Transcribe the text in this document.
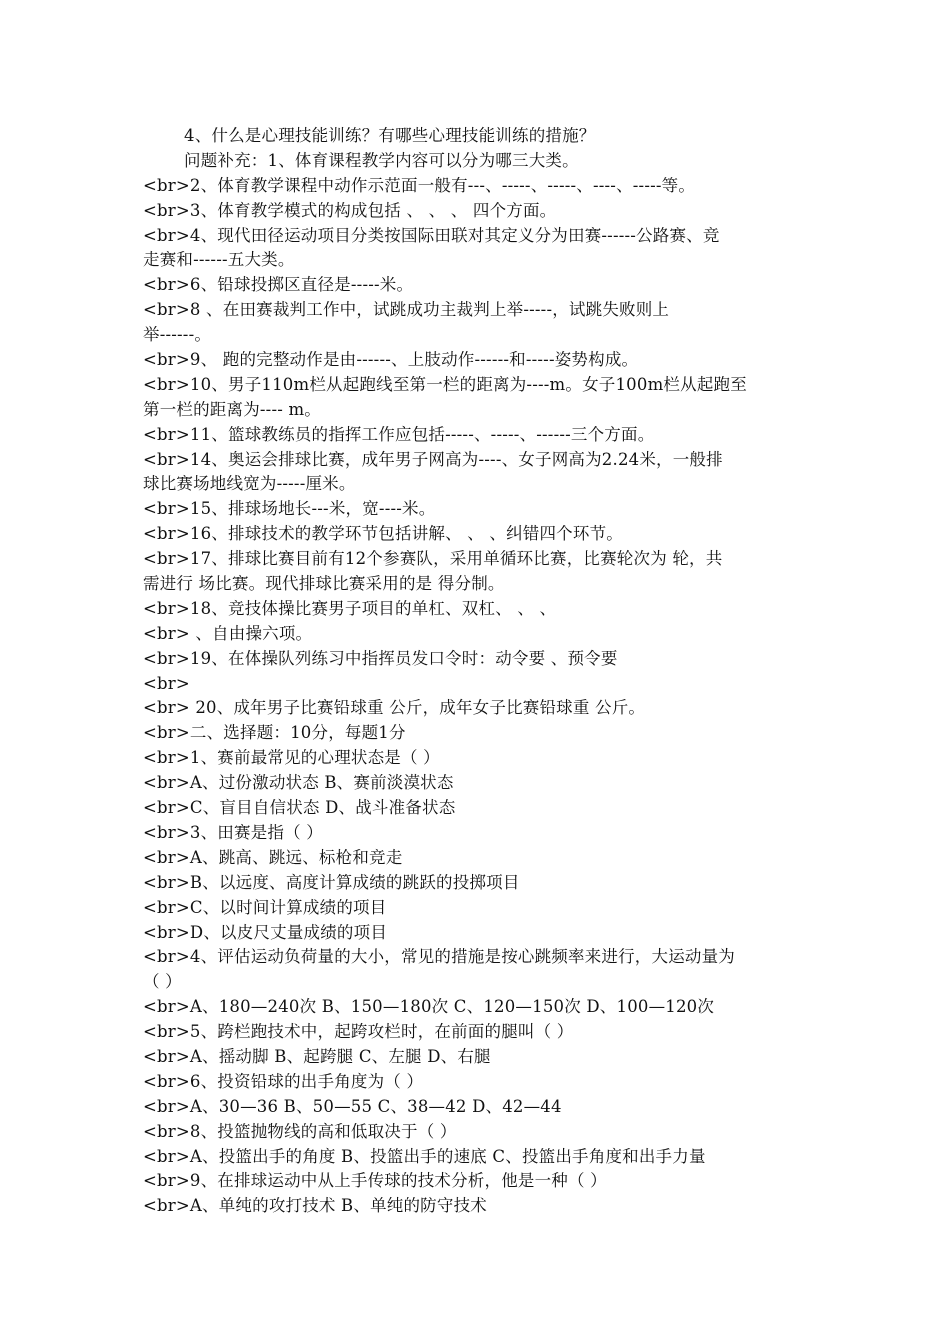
4、什么是心理技能训练？有哪些心理技能训练的措施？
问题补充：1、体育课程教学内容可以分为哪三大类。
<br>2、体育教学课程中动作示范面一般有---、-----、-----、----、-----等。
<br>3、体育教学模式的构成包括 、 、 、 四个方面。
<br>4、现代田径运动项目分类按国际田联对其定义分为田赛------公路赛、竞
走赛和------五大类。
<br>6、铅球投掷区直径是-----米。
<br>8 、在田赛裁判工作中，试跳成功主裁判上举-----，试跳失败则上
举------。
<br>9、 跑的完整动作是由------、上肢动作------和-----姿势构成。
<br>10、男子110m栏从起跑线至第一栏的距离为----m。女子100m栏从起跑至
第一栏的距离为---- m。
<br>11、篮球教练员的指挥工作应包括-----、-----、------三个方面。
<br>14、奥运会排球比赛，成年男子网高为----、女子网高为2.24米，一般排
球比赛场地线宽为-----厘米。
<br>15、排球场地长---米，宽----米。
<br>16、排球技术的教学环节包括讲解、 、 、纠错四个环节。
<br>17、排球比赛目前有12个参赛队，采用单循环比赛，比赛轮次为 轮，共
需进行 场比赛。现代排球比赛采用的是 得分制。
<br>18、竞技体操比赛男子项目的单杠、双杠、 、 、
<br> 、自由操六项。
<br>19、在体操队列练习中指挥员发口令时：动令要 、预令要
<br>
<br> 20、成年男子比赛铅球重 公斤，成年女子比赛铅球重 公斤。
<br>二、选择题：10分，每题1分
<br>1、赛前最常见的心理状态是（ ）
<br>A、过份激动状态 B、赛前淡漠状态
<br>C、盲目自信状态 D、战斗准备状态
<br>3、田赛是指（ ）
<br>A、跳高、跳远、标枪和竞走
<br>B、以远度、高度计算成绩的跳跃的投掷项目
<br>C、以时间计算成绩的项目
<br>D、以皮尺丈量成绩的项目
<br>4、评估运动负荷量的大小，常见的措施是按心跳频率来进行，大运动量为
（ ）
<br>A、180—240次 B、150—180次 C、120—150次 D、100—120次
<br>5、跨栏跑技术中，起跨攻栏时，在前面的腿叫（ ）
<br>A、摇动脚 B、起跨腿 C、左腿 D、右腿
<br>6、投资铅球的出手角度为（ ）
<br>A、30—36 B、50—55 C、38—42 D、42—44
<br>8、投篮抛物线的高和低取决于（ ）
<br>A、投篮出手的角度 B、投篮出手的速底 C、投篮出手角度和出手力量
<br>9、在排球运动中从上手传球的技术分析，他是一种（ ）
<br>A、单纯的攻打技术 B、单纯的防守技术
